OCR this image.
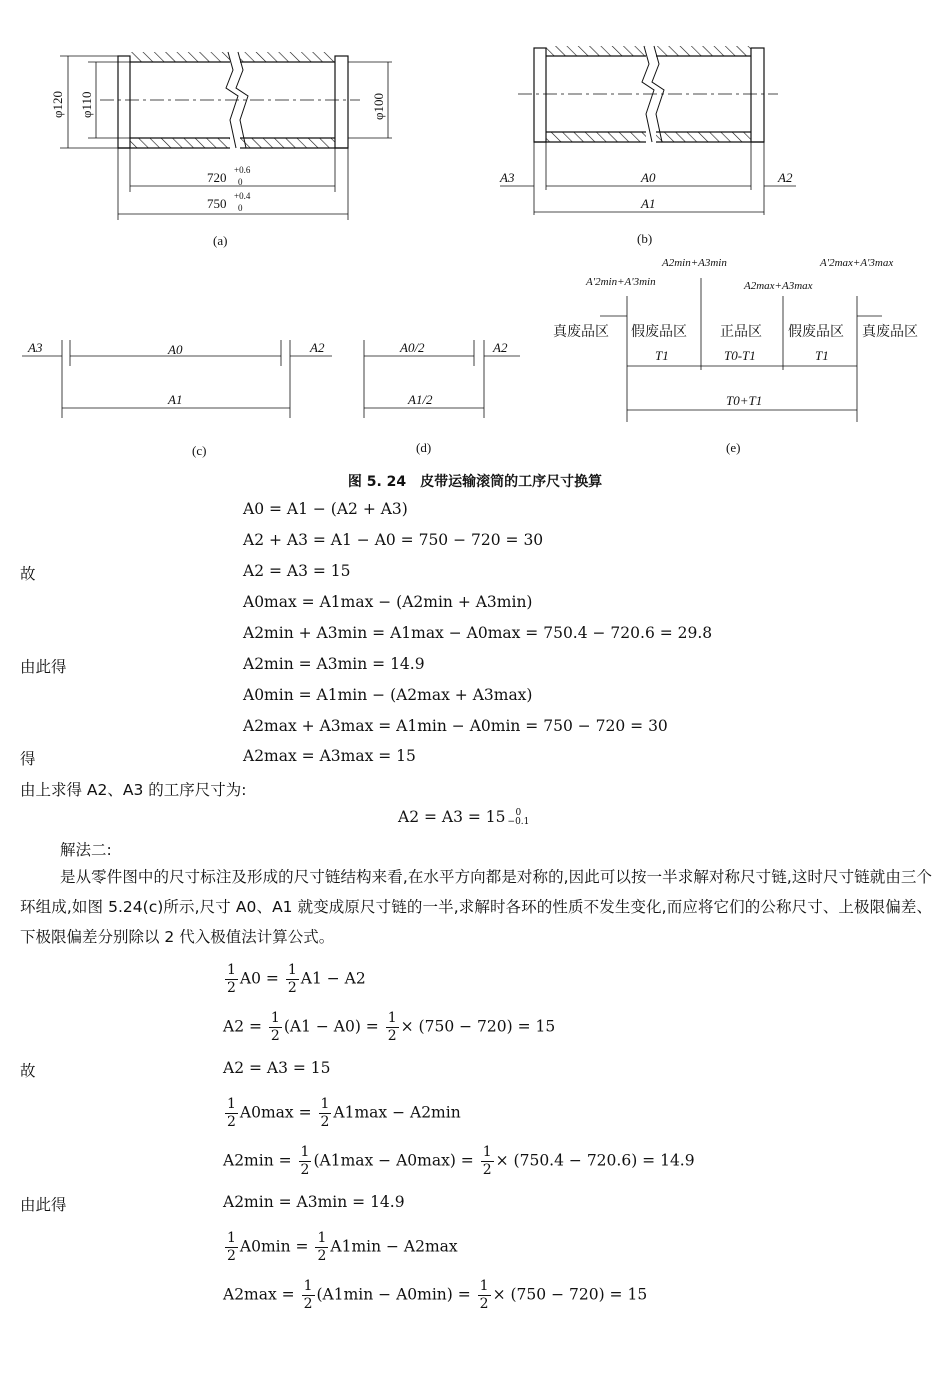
φ120 φ110	φ100
720 +0.6
0
750 +0.4
0
(a)
A3	A0	A2
A1
(b)
A3	A0	A2
A1
(c)
A0/2	A2
A1/2
(d)
A2min+A3min
A'2min+A'3min
A'2max+A'3max
A2max+A3max
真废品区 假废品区 正品区 假废品区 真废品区
T1	T0-T1	T1
T0+T1
(e)
图 5. 24　皮带运输滚筒的工序尺寸换算
A0 = A1 − (A2 + A3)
A2 + A3 = A1 − A0 = 750 − 720 = 30
故	A2 = A3 = 15
A0max = A1max − (A2min + A3min)
A2min + A3min = A1max − A0max = 750.4 − 720.6 = 29.8
由此得	A2min = A3min = 14.9
A0min = A1min − (A2max + A3max)
A2max + A3max = A1min − A0min = 750 − 720 = 30
得	A2max = A3max = 15
由上求得 A2、A3 的工序尺寸为:
A2 = A3 = 15	0
−0.1
解法二:
是从零件图中的尺寸标注及形成的尺寸链结构来看,在水平方向都是对称的,因此可以按一半求解对称尺寸链,这时尺寸链就由三个环组成,如图 5.24(c)所示,尺寸 A0、A1 就变成原尺寸链的一半,求解时各环的性质不发生变化,而应将它们的公称尺寸、上极限偏差、下极限偏差分别除以 2 代入极值法计算公式。
$\frac{1}{2} A0 = \frac{1}{2} A1 - A2$
$A2 = \frac{1}{2} (A1 - A0) = \frac{1}{2} \times (750 - 720) = 15$
故	A2 = A3 = 15
$\frac{1}{2} A0\max = \frac{1}{2} A1\max - A2\min$
$A2\min = \frac{1}{2} (A1\max - A0\max) = \frac{1}{2} \times (750.4 - 720.6) = 14.9$
由此得	A2min = A3min = 14.9
$\frac{1}{2} A0\min = \frac{1}{2} A1\min - A2\max$
$A2\max = \frac{1}{2} (A1\min - A0\min) = \frac{1}{2} \times (750 - 720) = 15$
